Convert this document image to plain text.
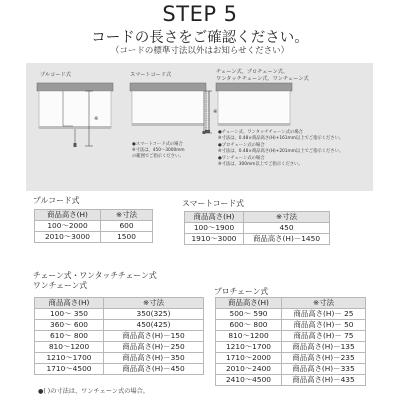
STEP 5
コードの長さをご確認ください。
（コードの標準寸法以外はお知らせください）
プルコード式	スマートコード式	チェーン式、プロチェーン式、
ワンタッチチェーン式、ワンチェーン式
※
※
●スマートコード式の場合
※寸法は、450～3000mm
の範囲でご指示ください。
●チェーン式、ワンタッチチェーン式の場合
※寸法は、0.48×商品高さ(H)+161mm以上でご指示ください。
●プロチェーン式の場合
※寸法は、0.48×商品高さ(H)+201mm以上でご指示ください。
●ワンチェーン式の場合
※寸法は、300mm以上でご指示ください。
プルコード式
商品高さ(H)	※寸法
100～2000	600
2010～3000	1500
スマートコード式
商品高さ(H)	※寸法
100～1900	450
1910～3000	商品高さ(H)－1450
チェーン式・ワンタッチチェーン式
ワンチェーン式
商品高さ(H)	※寸法
100～ 350	350(325)
360～ 600	450(425)
610～ 800	商品高さ(H)－150
810～1200	商品高さ(H)－250
1210～1700	商品高さ(H)－350
1710～4500	商品高さ(H)－450
プロチェーン式
商品高さ(H)	※寸法
500～ 590	商品高さ(H)－ 25
600～ 800	商品高さ(H)－ 50
810～1200	商品高さ(H)－ 75
1210～1700	商品高さ(H)－135
1710～2000	商品高さ(H)－235
2010～2400	商品高さ(H)－335
2410～4500	商品高さ(H)－435
●( )の寸法は、ワンチェーン式の場合。
